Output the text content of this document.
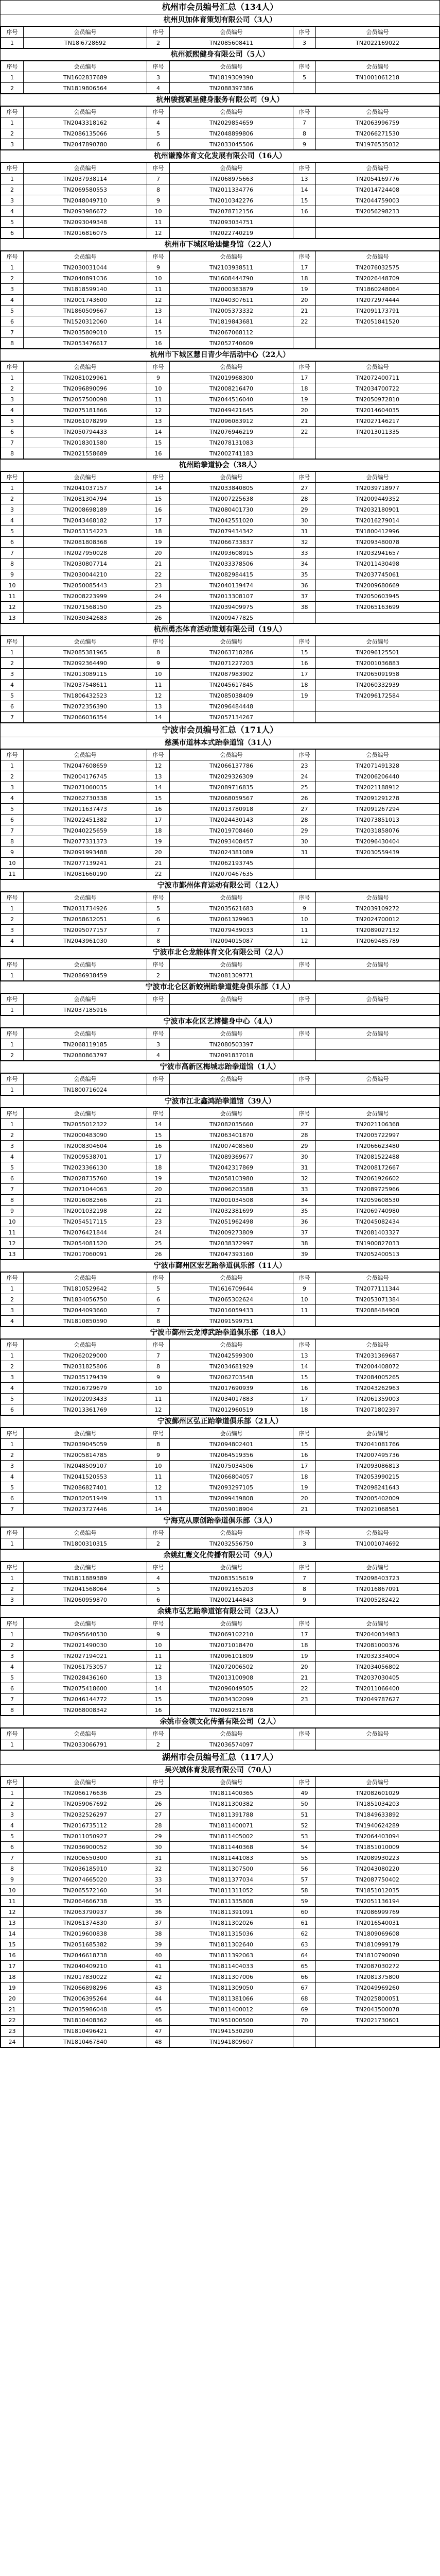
杭州市会员编号汇总（134人）
杭州贝加体育策划有限公司（3人）
序号	会员编号	序号	会员编号	序号	会员编号
1	TN18l6728692	2	TN2085608411	3	TN2022169022
杭州派熙健身有限公司（5人）
序号	会员编号	序号	会员编号	序号	会员编号
1	TN1602837689	3	TN1819309390	5	TN1001061218
2	TN1819806564	4	TN2088397386		
杭州骏揽硕星健身服务有限公司（9人）
序号	会员编号	序号	会员编号	序号	会员编号
1	TN2043318162	4	TN2029854659	7	TN2063996759
2	TN2086135066	5	TN2048899806	8	TN2066271530
3	TN2047890780	6	TN2033045506	9	TN1976535032
杭州谦豫体育文化发展有限公司（16人）
序号	会员编号	序号	会员编号	序号	会员编号
1	TN2037938114	7	TN2068975663	13	TN2054169776
2	TN2069580553	8	TN2011334776	14	TN2014724408
3	TN2048049710	9	TN2010342276	15	TN2044759003
4	TN2093986672	10	TN2078712156	16	TN2056298233
5	TN2093049348	11	TN2093034751		
6	TN2016816075	12	TN2022740219		
杭州市下城区哈迪健身馆（22人）
序号	会员编号	序号	会员编号	序号	会员编号
1	TN2030031044	9	TN2103938511	17	TN2076032575
2	TN2040891036	10	TN1608444790	18	TN2026448709
3	TN1818599140	11	TN2000383879	19	TN1860248064
4	TN2001743600	12	TN2040307611	20	TN2072974444
5	TN1860509667	13	TN2005373332	21	TN2091173791
6	TN1520312060	14	TN1819843681	22	TN2051841520
7	TN2035809010	15	TN2067068112		
8	TN2053476617	16	TN2052740609		
杭州市下城区慧日青少年活动中心（22人）
序号	会员编号	序号	会员编号	序号	会员编号
1	TN2081029961	9	TN2019968300	17	TN2072400711
2	TN2096890096	10	TN2008216470	18	TN2034700722
3	TN2057500098	11	TN2044516040	19	TN2050972810
4	TN2075181866	12	TN2049421645	20	TN2014604035
5	TN2061078299	13	TN2096083912	21	TN2027146217
6	TN2050794433	14	TN2076946219	22	TN2013011335
7	TN2018301580	15	TN2078131083		
8	TN2021558689	16	TN2002741183		
杭州跆拳道协会（38人）
序号	会员编号	序号	会员编号	序号	会员编号
1	TN2041037157	14	TN2033840805	27	TN2039718977
2	TN2081304794	15	TN2007225638	28	TN2009449352
3	TN2008698189	16	TN2080401730	29	TN2032180901
4	TN2043468182	17	TN2042551020	30	TN2016279014
5	TN2053154223	18	TN2079434342	31	TN1800412996
6	TN2081808368	19	TN2066733837	32	TN2093480078
7	TN2027950028	20	TN2093608915	33	TN2032941657
8	TN2030807714	21	TN2033378506	34	TN2011430498
9	TN2030044210	22	TN2082984415	35	TN2037745061
10	TN2050085443	23	TN2040139474	36	TN2009680669
11	TN2008223999	24	TN2013308107	37	TN2050603945
12	TN2071568150	25	TN2039409975	38	TN2065163699
13	TN2030342683	26	TN2009477825		
杭州勇杰体育活动策划有限公司（19人）
序号	会员编号	序号	会员编号	序号	会员编号
1	TN2085381965	8	TN2063718286	15	TN2096125501
2	TN2092364490	9	TN2071227203	16	TN2001036883
3	TN2013089115	10	TN2087983902	17	TN2065091958
4	TN2037548611	11	TN2045617845	18	TN2060332939
5	TN1806432523	12	TN2085038409	19	TN2096172584
6	TN2072356390	13	TN2096484448		
7	TN2066036354	14	TN2057134267		
宁波市会员编号汇总（171人）
慈溪市道林本式跆拳道馆（31人）
序号	会员编号	序号	会员编号	序号	会员编号
1	TN2047608659	12	TN2066137786	23	TN2071491328
2	TN2004176745	13	TN2029326309	24	TN2006206440
3	TN2071060035	14	TN2089716835	25	TN2021188912
4	TN2062730338	15	TN2068059567	26	TN2091291278
5	TN2011637473	16	TN2013780918	27	TN2091267294
6	TN2022451382	17	TN2024430143	28	TN2073851013
7	TN2040225659	18	TN2019708460	29	TN2031858076
8	TN2077331373	19	TN2093408457	30	TN2096430404
9	TN2091993488	20	TN2024381089	31	TN2030559439
10	TN2077139241	21	TN2062193745		
11	TN2081660190	22	TN2070467635		
宁波市鄞州体育运动有限公司（12人）
序号	会员编号	序号	会员编号	序号	会员编号
1	TN2031734926	5	TN2035621683	9	TN2039109272
2	TN2058632051	6	TN2061329963	10	TN2024700012
3	TN2095077157	7	TN2079439033	11	TN2089027132
4	TN2043961030	8	TN2094015087	12	TN2069485789
宁波市北仑龙能体育文化有限公司（2人）
序号	会员编号	序号	会员编号	序号	会员编号
1	TN2086938459	2	TN2081309771		
宁波市北仑区新蛟洲跆拳道健身俱乐部（1人）
序号	会员编号	序号	会员编号	序号	会员编号
1	TN2037185916				
宁波市本化区艺博健身中心（4人）
序号	会员编号	序号	会员编号	序号	会员编号
1	TN2068119185	3	TN2080503397		
2	TN2080863797	4	TN2091837018		
宁波市高新区梅城志跆拳道馆（1人）
序号	会员编号	序号	会员编号	序号	会员编号
1	TN1800716024				
宁波市江北鑫鸿跆拳道馆（39人）
序号	会员编号	序号	会员编号	序号	会员编号
1	TN2055012322	14	TN2082035660	27	TN2021106368
2	TN2000483090	15	TN2063401870	28	TN2005722997
3	TN2008304604	16	TN2007408560	29	TN2066623480
4	TN2009538701	17	TN2089369677	30	TN2081522488
5	TN2023366130	18	TN2042317869	31	TN2008172667
6	TN2028735760	19	TN2058103980	32	TN2061926602
7	TN2071044063	20	TN2096203588	33	TN2089725966
8	TN2016082566	21	TN2001034508	34	TN2059608530
9	TN2001032198	22	TN2032381699	35	TN2069740980
10	TN2054517115	23	TN2051962498	36	TN2045082434
11	TN2076421844	24	TN2009273809	37	TN2081403327
12	TN2054081520	25	TN2038372997	38	TN1900827033
13	TN2017060091	26	TN2047393160	39	TN2052400513
宁波市鄞州区宏艺跆拳道俱乐部（11人）
序号	会员编号	序号	会员编号	序号	会员编号
1	TN1810529642	5	TN1616709644	9	TN2077111344
2	TN1834056750	6	TN2065302624	10	TN2053071384
3	TN2044093660	7	TN2016059433	11	TN2088484908
4	TN1810850590	8	TN2091599751		
宁波市鄞州云龙博武跆拳道俱乐部（18人）
序号	会员编号	序号	会员编号	序号	会员编号
1	TN2062029000	7	TN2042599300	13	TN2031369687
2	TN2031825806	8	TN2034681929	14	TN2004408072
3	TN2035179439	9	TN2062703548	15	TN2084005265
4	TN2016729679	10	TN2017690939	16	TN2043262963
5	TN2092093433	11	TN2034017883	17	TN2061359003
6	TN2013361769	12	TN2012960519	18	TN2071802397
宁波鄞州区弘正跆拳道俱乐部（21人）
序号	会员编号	序号	会员编号	序号	会员编号
1	TN2039045059	8	TN2094802401	15	TN2041081766
2	TN2005814785	9	TN2064519356	16	TN2007495736
3	TN2048509107	10	TN2075034506	17	TN2093086813
4	TN2041520553	11	TN2066804057	18	TN2053990215
5	TN2086827401	12	TN2093297105	19	TN2098241643
6	TN2032051949	13	TN2099439808	20	TN2005402009
7	TN2023727446	14	TN2059018904	21	TN2021068561
宁海克从原创跆拳道俱乐部（3人）
序号	会员编号	序号	会员编号	序号	会员编号
1	TN1800310315	2	TN2032556750	3	TN1001074692
余姚红鹰文化传播有限公司（9人）
序号	会员编号	序号	会员编号	序号	会员编号
1	TN1811889389	4	TN2083515619	7	TN2098403723
2	TN2041568064	5	TN2092165203	8	TN2016867091
3	TN2060959870	6	TN2002144843	9	TN2005282422
余姚市弘艺跆拳道馆有限公司（23人）
序号	会员编号	序号	会员编号	序号	会员编号
1	TN2095640530	9	TN2069102210	17	TN2040034983
2	TN2021490030	10	TN2071018470	18	TN2081000376
3	TN2027194021	11	TN2096101809	19	TN2032334004
4	TN2061753057	12	TN2072006502	20	TN2034056802
5	TN2028436160	13	TN2013100908	21	TN2037030405
6	TN2075418600	14	TN2096049505	22	TN2011066400
7	TN2046144772	15	TN2034302099	23	TN2049787627
8	TN2068008342	16	TN2069231678		
余姚市金领文化传播有限公司（2人）
序号	会员编号	序号	会员编号	序号	会员编号
1	TN2033066791	2	TN2036574097		
湖州市会员编号汇总（117人）
吴兴斌体育发展有限公司（70人）
序号	会员编号	序号	会员编号	序号	会员编号
1	TN2066176636	25	TN1811400365	49	TN2082601029
2	TN2059067692	26	TN1811300382	50	TN1851034203
3	TN2032526297	27	TN1811391788	51	TN1849633892
4	TN2016735112	28	TN1811400071	52	TN1940624289
5	TN2011050927	29	TN1811405002	53	TN2064403094
6	TN2036900052	30	TN1811440368	54	TN1851010009
7	TN2006550300	31	TN1811441083	55	TN2089930223
8	TN2036185910	32	TN1811307500	56	TN2043080220
9	TN2074665020	33	TN1811377034	57	TN2087750402
10	TN2065572160	34	TN1811311052	58	TN1851012035
11	TN2064666738	35	TN1811335808	59	TN2051136194
12	TN2063790937	36	TN1811391091	60	TN2086999769
13	TN2061374830	37	TN1811302026	61	TN2016540031
14	TN2019600838	38	TN1811315036	62	TN1809069608
15	TN2051685382	39	TN1811302640	63	TN1810999179
16	TN2046618738	40	TN1811392063	64	TN1810790090
17	TN2040409210	41	TN1811404033	65	TN2087030272
18	TN2017830022	42	TN1811307006	66	TN2081375800
19	TN2066898296	43	TN1811309050	67	TN2049969260
20	TN2006395264	44	TN1811381066	68	TN2025800051
21	TN2035986048	45	TN1811400012	69	TN2043500078
22	TN1810408362	46	TN1951000500	70	TN2021730601
23	TN1810496421	47	TN1941530290		
24	TN1810467840	48	TN1941809607		
